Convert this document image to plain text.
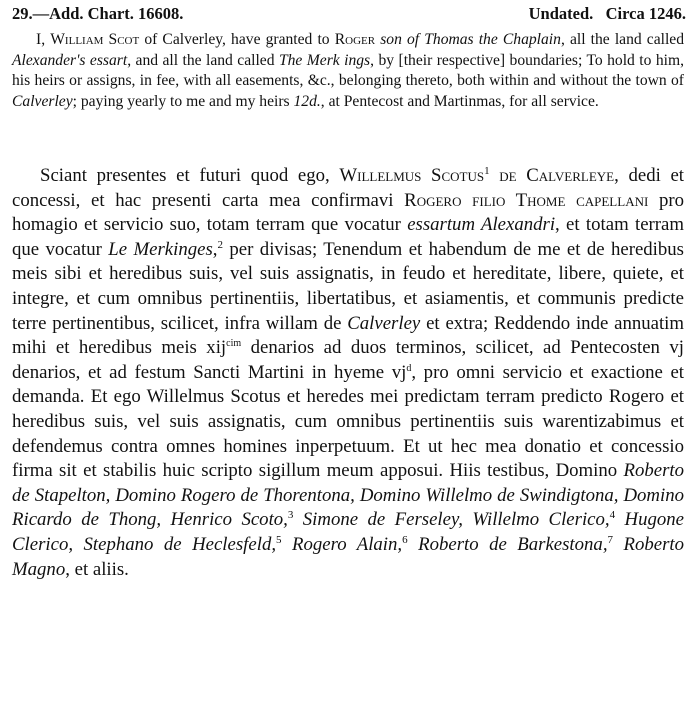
29.—Add. Chart. 16608.	Undated. Circa 1246.

I, William Scot of Calverley, have granted to Roger son of Thomas the Chaplain, all the land called Alexander's essart, and all the land called The Merk ings, by [their respective] boundaries; To hold to him, his heirs or assigns, in fee, with all easements, &c., belonging thereto, both within and without the town of Calverley; paying yearly to me and my heirs 12d., at Pentecost and Martinmas, for all service.

Sciant presentes et futuri quod ego, Willelmus Scotus$^1$ de Calverleye, dedi et concessi, et hac presenti carta mea confirmavi Rogero filio Thome capellani pro homagio et servicio suo, totam terram que vocatur essartum Alexandri, et totam terram que vocatur Le Merkinges,$^2$ per divisas; Tenendum et habendum de me et de heredibus meis sibi et heredibus suis, vel suis assignatis, in feudo et hereditate, libere, quiete, et integre, et cum omnibus pertinentiis, libertatibus, et asiamentis, et communis predicte terre pertinentibus, scilicet, infra willam de Calverley et extra; Reddendo inde annuatim mihi et heredibus meis xij$^{cim}$ denarios ad duos terminos, scilicet, ad Pentecosten vj denarios, et ad festum Sancti Martini in hyeme $vj^d$, pro omni servicio et exactione et demanda. Et ego Willelmus Scotus et heredes mei predictam terram predicto Rogero et heredibus suis, vel suis assignatis, cum omnibus pertinentiis suis warentizabimus et defendemus contra omnes homines inperpetuum. Et ut hec mea donatio et concessio firma sit et stabilis huic scripto sigillum meum apposui. Hiis testibus, Domino Roberto de Stapelton, Domino Rogero de Thorentona, Domino Willelmo de Swindigtona, Domino Ricardo de Thong, Henrico Scoto,$^3$ Simone de Ferseley, Willelmo Clerico,$^4$ Hugone Clerico, Stephano de Heclesfeld,$^5$ Rogero Alain,$^6$ Roberto de Barkestona,$^7$ Roberto Magno, et aliis.
